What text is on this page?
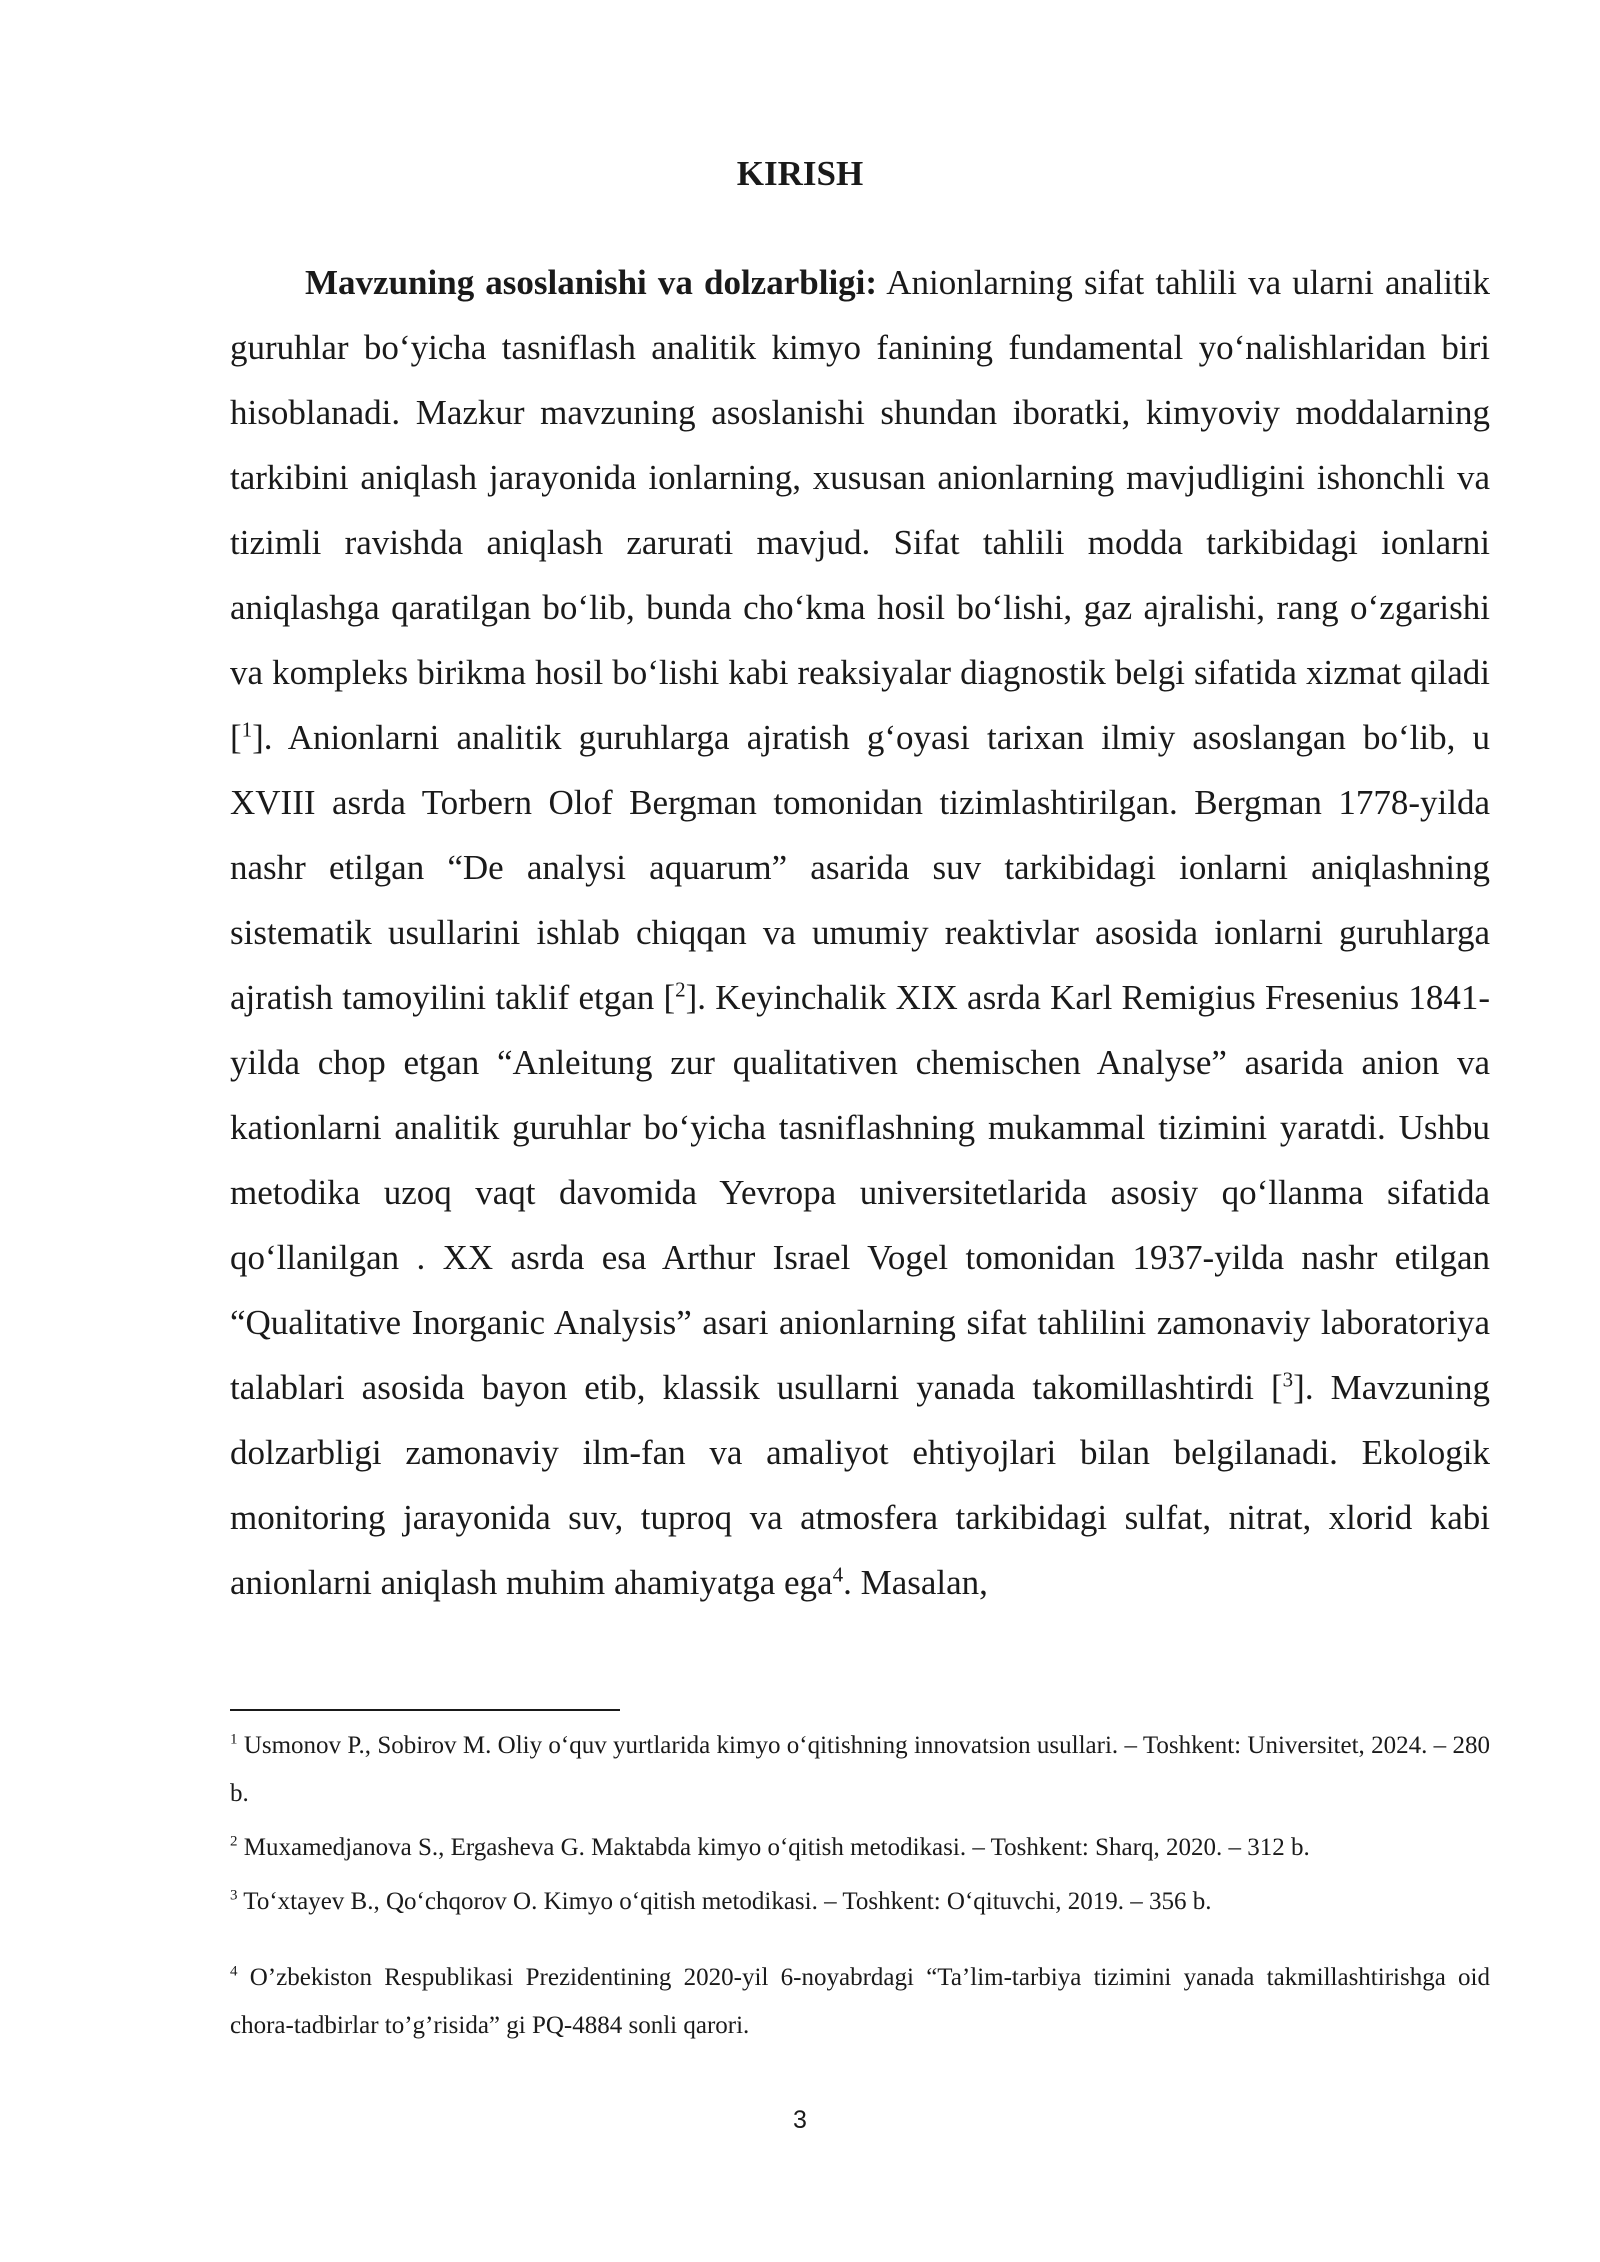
KIRISH

Mavzuning asoslanishi va dolzarbligi: Anionlarning sifat tahlili va ularni analitik guruhlar bo‘yicha tasniflash analitik kimyo fanining fundamental yo‘nalishlaridan biri hisoblanadi. Mazkur mavzuning asoslanishi shundan iboratki, kimyoviy moddalarning tarkibini aniqlash jarayonida ionlarning, xususan anionlarning mavjudligini ishonchli va tizimli ravishda aniqlash zarurati mavjud. Sifat tahlili modda tarkibidagi ionlarni aniqlashga qaratilgan bo‘lib, bunda cho‘kma hosil bo‘lishi, gaz ajralishi, rang o‘zgarishi va kompleks birikma hosil bo‘lishi kabi reaksiyalar diagnostik belgi sifatida xizmat qiladi [$^1$]. Anionlarni analitik guruhlarga ajratish g‘oyasi tarixan ilmiy asoslangan bo‘lib, u XVIII asrda Torbern Olof Bergman tomonidan tizimlashtirilgan. Bergman 1778-yilda nashr etilgan “De analysi aquarum” asarida suv tarkibidagi ionlarni aniqlashning sistematik usullarini ishlab chiqqan va umumiy reaktivlar asosida ionlarni guruhlarga ajratish tamoyilini taklif etgan [$^2$]. Keyinchalik XIX asrda Karl Remigius Fresenius 1841-yilda chop etgan “Anleitung zur qualitativen chemischen Analyse” asarida anion va kationlarni analitik guruhlar bo‘yicha tasniflashning mukammal tizimini yaratdi. Ushbu metodika uzoq vaqt davomida Yevropa universitetlarida asosiy qo‘llanma sifatida qo‘llanilgan . XX asrda esa Arthur Israel Vogel tomonidan 1937-yilda nashr etilgan “Qualitative Inorganic Analysis” asari anionlarning sifat tahlilini zamonaviy laboratoriya talablari asosida bayon etib, klassik usullarni yanada takomillashtirdi [$^3$]. Mavzuning dolzarbligi zamonaviy ilm-fan va amaliyot ehtiyojlari bilan belgilanadi. Ekologik monitoring jarayonida suv, tuproq va atmosfera tarkibidagi sulfat, nitrat, xlorid kabi anionlarni aniqlash muhim ahamiyatga ega$^4$. Masalan,

$^1$ Usmonov P., Sobirov M. Oliy o‘quv yurtlarida kimyo o‘qitishning innovatsion usullari. – Toshkent: Universitet, 2024. – 280 b.

$^2$ Muxamedjanova S., Ergasheva G. Maktabda kimyo o‘qitish metodikasi. – Toshkent: Sharq, 2020. – 312 b.

$^3$ To‘xtayev B., Qo‘chqorov O. Kimyo o‘qitish metodikasi. – Toshkent: O‘qituvchi, 2019. – 356 b.

$^4$ O’zbekiston Respublikasi Prezidentining 2020-yil 6-noyabrdagi “Ta’lim-tarbiya tizimini yanada takmillashtirishga oid chora-tadbirlar to’g’risida” gi PQ-4884 sonli qarori.

3
